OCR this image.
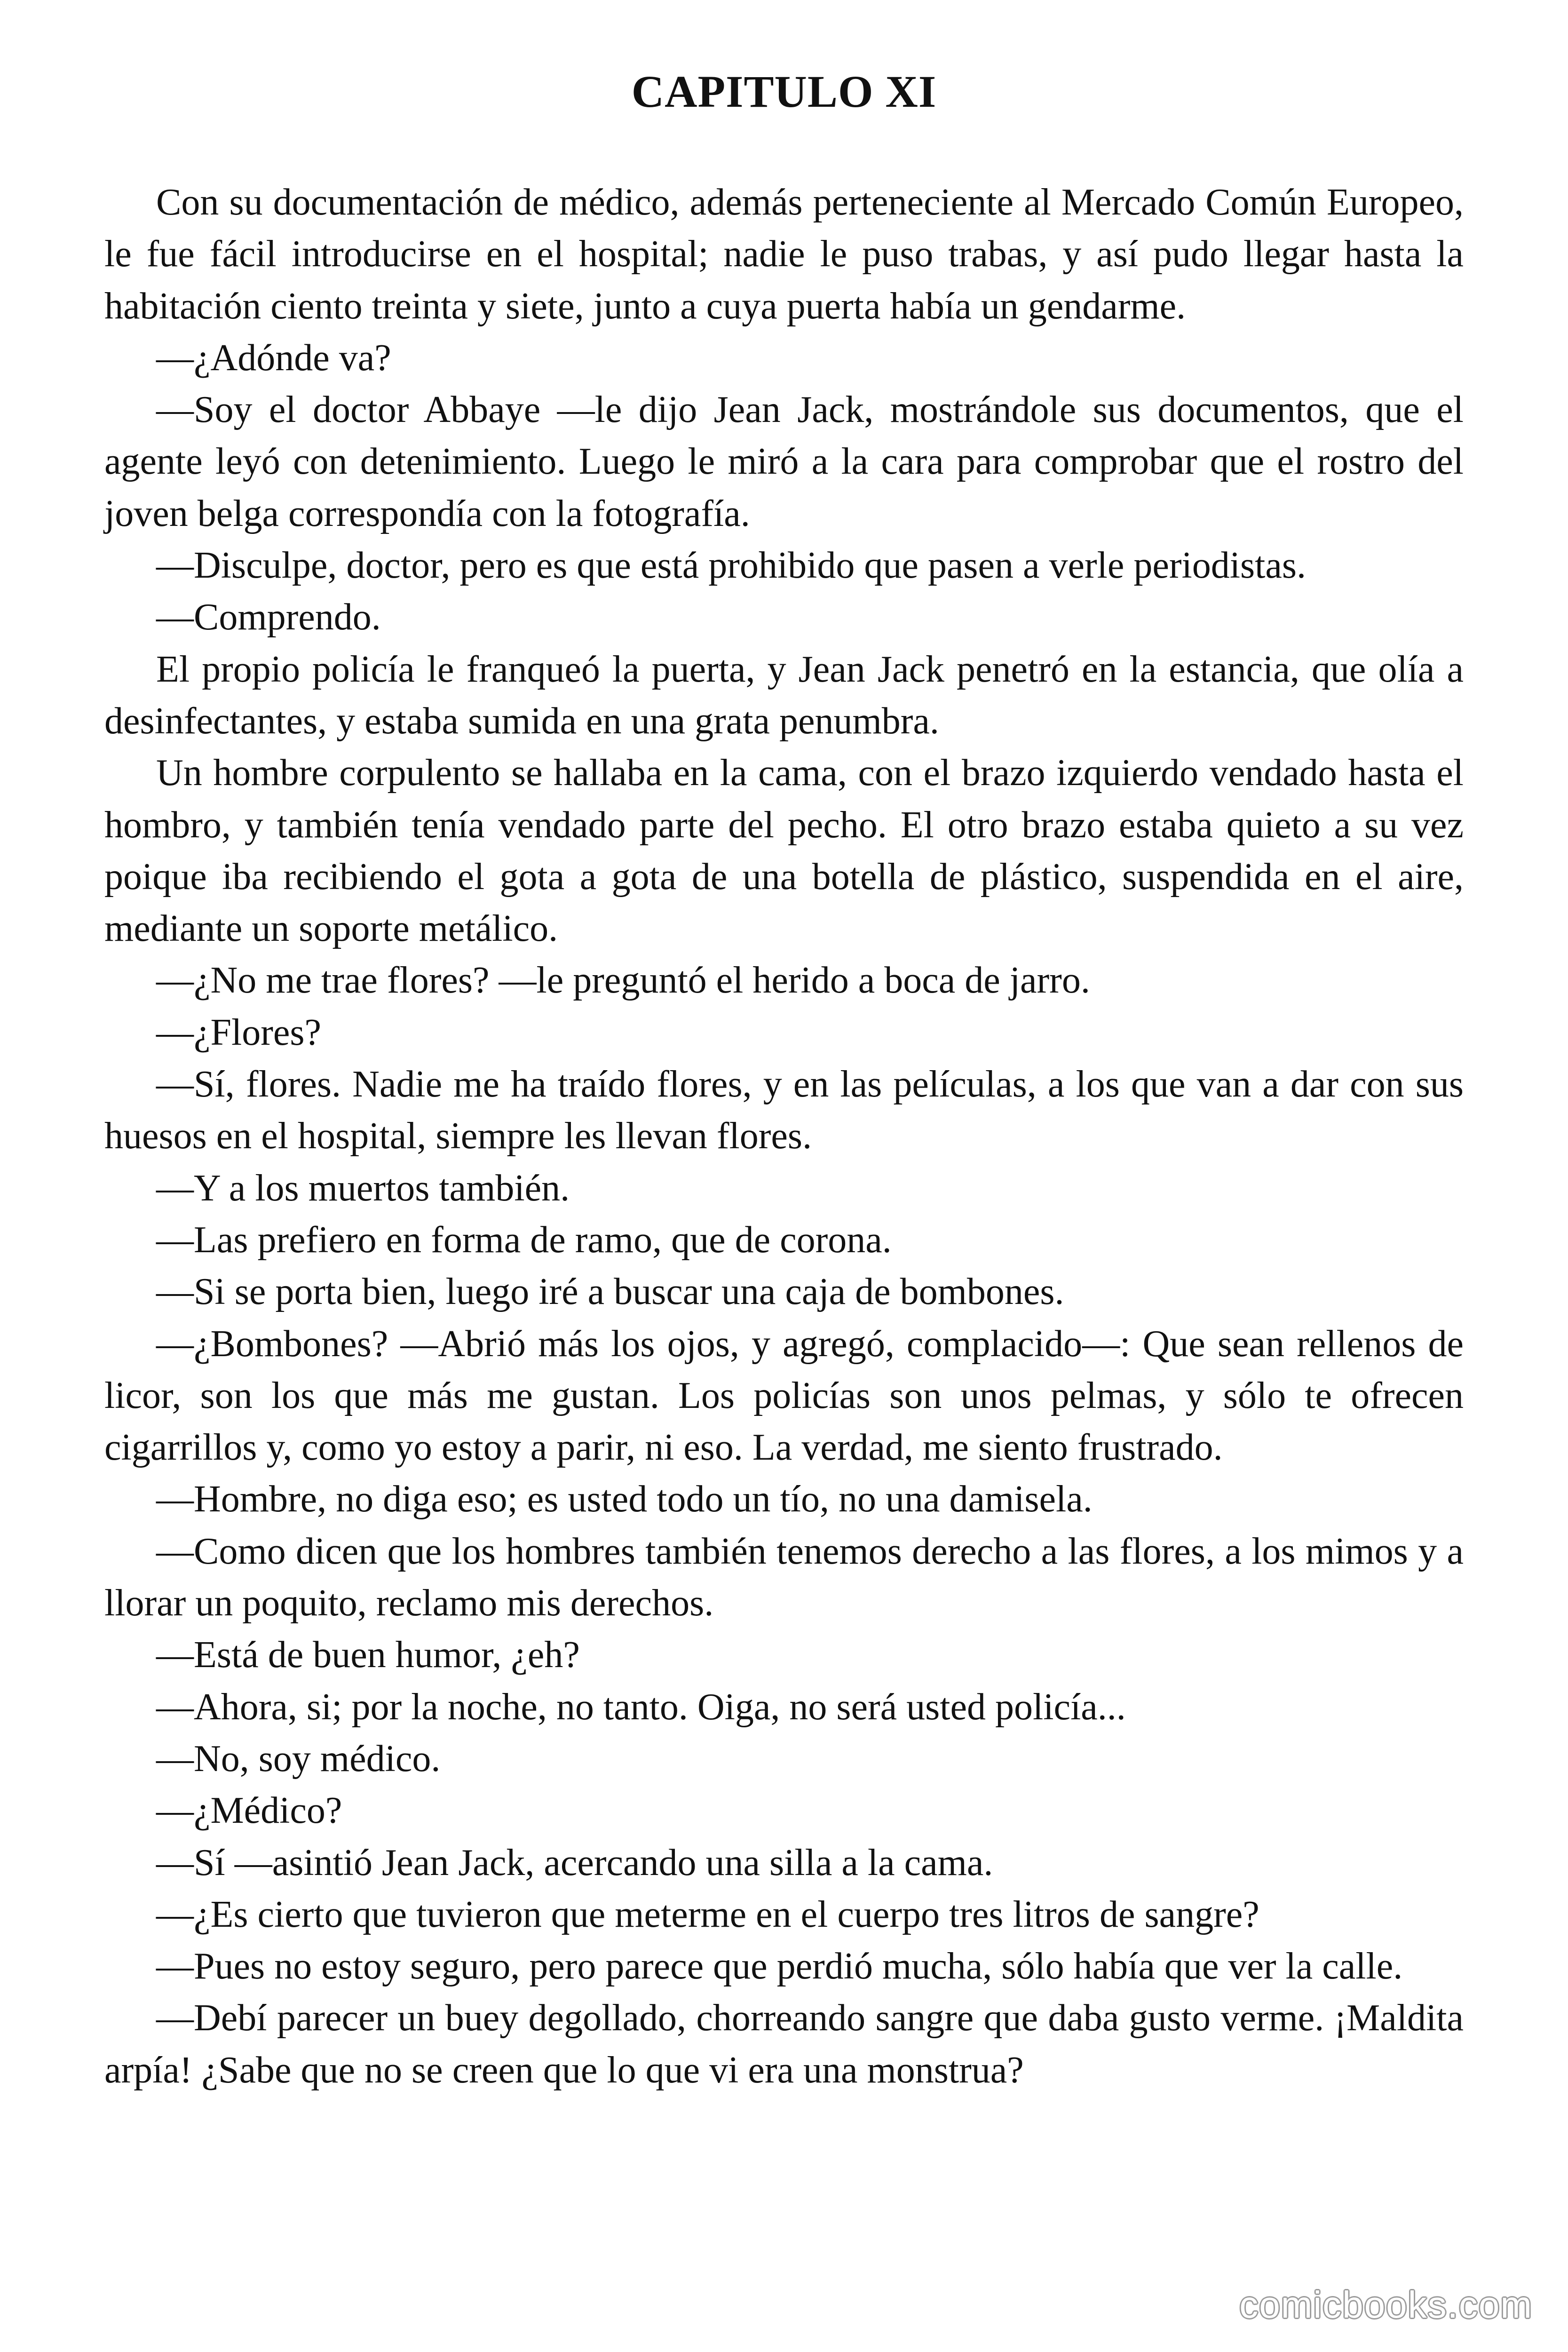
CAPITULO XI

Con su documentación de médico, además perteneciente al Mercado Común Europeo, le fue fácil introducirse en el hospital; nadie le puso trabas, y así pudo llegar hasta la habitación ciento treinta y siete, junto a cuya puerta había un gendarme.

—¿Adónde va?

—Soy el doctor Abbaye —le dijo Jean Jack, mostrándole sus documentos, que el agente leyó con detenimiento. Luego le miró a la cara para comprobar que el rostro del joven belga correspondía con la fotografía.

—Disculpe, doctor, pero es que está prohibido que pasen a verle periodistas.

—Comprendo.

El propio policía le franqueó la puerta, y Jean Jack penetró en la estancia, que olía a desinfectantes, y estaba sumida en una grata penumbra.

Un hombre corpulento se hallaba en la cama, con el brazo izquierdo vendado hasta el hombro, y también tenía vendado parte del pecho. El otro brazo estaba quieto a su vez poique iba recibiendo el gota a gota de una botella de plástico, suspendida en el aire, mediante un soporte metálico.

—¿No me trae flores? —le preguntó el herido a boca de jarro.

—¿Flores?

—Sí, flores. Nadie me ha traído flores, y en las películas, a los que van a dar con sus huesos en el hospital, siempre les llevan flores.

—Y a los muertos también.

—Las prefiero en forma de ramo, que de corona.

—Si se porta bien, luego iré a buscar una caja de bombones.

—¿Bombones? —Abrió más los ojos, y agregó, complacido—: Que sean rellenos de licor, son los que más me gustan. Los policías son unos pelmas, y sólo te ofrecen cigarrillos y, como yo estoy a parir, ni eso. La verdad, me siento frustrado.

—Hombre, no diga eso; es usted todo un tío, no una damisela.

—Como dicen que los hombres también tenemos derecho a las flores, a los mimos y a llorar un poquito, reclamo mis derechos.

—Está de buen humor, ¿eh?

—Ahora, si; por la noche, no tanto. Oiga, no será usted policía...

—No, soy médico.

—¿Médico?

—Sí —asintió Jean Jack, acercando una silla a la cama.

—¿Es cierto que tuvieron que meterme en el cuerpo tres litros de sangre?

—Pues no estoy seguro, pero parece que perdió mucha, sólo había que ver la calle.

—Debí parecer un buey degollado, chorreando sangre que daba gusto verme. ¡Maldita arpía! ¿Sabe que no se creen que lo que vi era una monstrua?

comicbooks.com
